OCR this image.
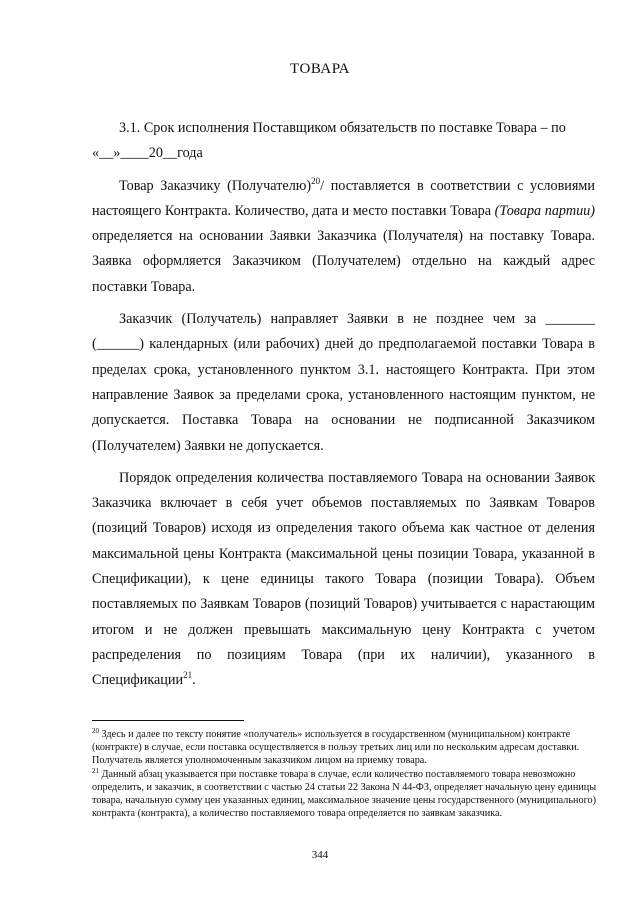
ТОВАРА

3.1. Срок исполнения Поставщиком обязательств по поставке Товара – по

«__»____20__года

Товар Заказчику (Получателю)$^{20}$/ поставляется в соответствии с условиями настоящего Контракта. Количество, дата и место поставки Товара (Товара партии) определяется на основании Заявки Заказчика (Получателя) на поставку Товара. Заявка оформляется Заказчиком (Получателем) отдельно на каждый адрес поставки Товара.

Заказчик (Получатель) направляет Заявки в не позднее чем за _______ (______) календарных (или рабочих) дней до предполагаемой поставки Товара в пределах срока, установленного пунктом 3.1. настоящего Контракта. При этом направление Заявок за пределами срока, установленного настоящим пунктом, не допускается. Поставка Товара на основании не подписанной Заказчиком (Получателем) Заявки не допускается.

Порядок определения количества поставляемого Товара на основании Заявок Заказчика включает в себя учет объемов поставляемых по Заявкам Товаров (позиций Товаров) исходя из определения такого объема как частное от деления максимальной цены Контракта (максимальной цены позиции Товара, указанной в Спецификации), к цене единицы такого Товара (позиции Товара). Объем поставляемых по Заявкам Товаров (позиций Товаров) учитывается с нарастающим итогом и не должен превышать максимальную цену Контракта с учетом распределения по позициям Товара (при их наличии), указанного в Спецификации$^{21}$.

$^{20}$ Здесь и далее по тексту понятие «получатель» используется в государственном (муниципальном) контракте (контракте) в случае, если поставка осуществляется в пользу третьих лиц или по нескольким адресам доставки. Получатель является уполномоченным заказчиком лицом на приемку товара.

$^{21}$ Данный абзац указывается при поставке товара в случае, если количество поставляемого товара невозможно определить, и заказчик, в соответствии с частью 24 статьи 22 Закона N 44-ФЗ, определяет начальную цену единицы товара, начальную сумму цен указанных единиц, максимальное значение цены государственного (муниципального) контракта (контракта), а количество поставляемого товара определяется по заявкам заказчика.

344
